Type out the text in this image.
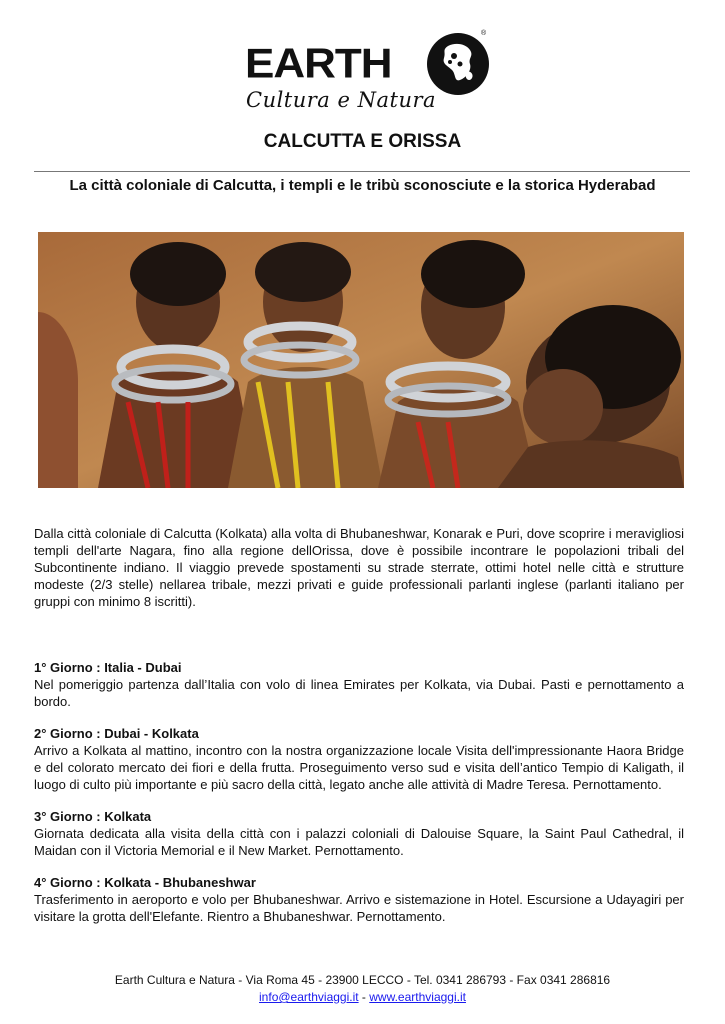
EARTH
®
Cultura e Natura
CALCUTTA E ORISSA
La città coloniale di Calcutta, i templi e le tribù sconosciute e la storica Hyderabad

Dalla città coloniale di Calcutta (Kolkata) alla volta di Bhubaneshwar, Konarak e Puri, dove scoprire i meravigliosi templi dell'arte Nagara, fino alla regione dellOrissa, dove è possibile incontrare le popolazioni tribali del Subcontinente indiano. Il viaggio prevede spostamenti su strade sterrate, ottimi hotel nelle città e strutture modeste (2/3 stelle) nellarea tribale, mezzi privati e guide professionali parlanti inglese (parlanti italiano per gruppi con minimo 8 iscritti).

1° Giorno : Italia - Dubai
Nel pomeriggio partenza dall’Italia con volo di linea Emirates per Kolkata, via Dubai. Pasti e pernottamento a bordo.
2° Giorno : Dubai - Kolkata
Arrivo a Kolkata al mattino, incontro con la nostra organizzazione locale Visita dell'impressionante Haora Bridge e del colorato mercato dei fiori e della frutta. Proseguimento verso sud e visita dell’antico Tempio di Kaligath, il luogo di culto più importante e più sacro della città, legato anche alle attività di Madre Teresa. Pernottamento.
3° Giorno : Kolkata
Giornata dedicata alla visita della città con i palazzi coloniali di Dalouise Square, la Saint Paul Cathedral, il Maidan con il Victoria Memorial e il New Market. Pernottamento.
4° Giorno : Kolkata - Bhubaneshwar
Trasferimento in aeroporto e volo per Bhubaneshwar. Arrivo e sistemazione in Hotel. Escursione a Udayagiri per visitare la grotta dell'Elefante. Rientro a Bhubaneshwar. Pernottamento.
Earth Cultura e Natura - Via Roma 45 - 23900 LECCO - Tel. 0341 286793 - Fax 0341 286816
info@earthviaggi.it - www.earthviaggi.it
